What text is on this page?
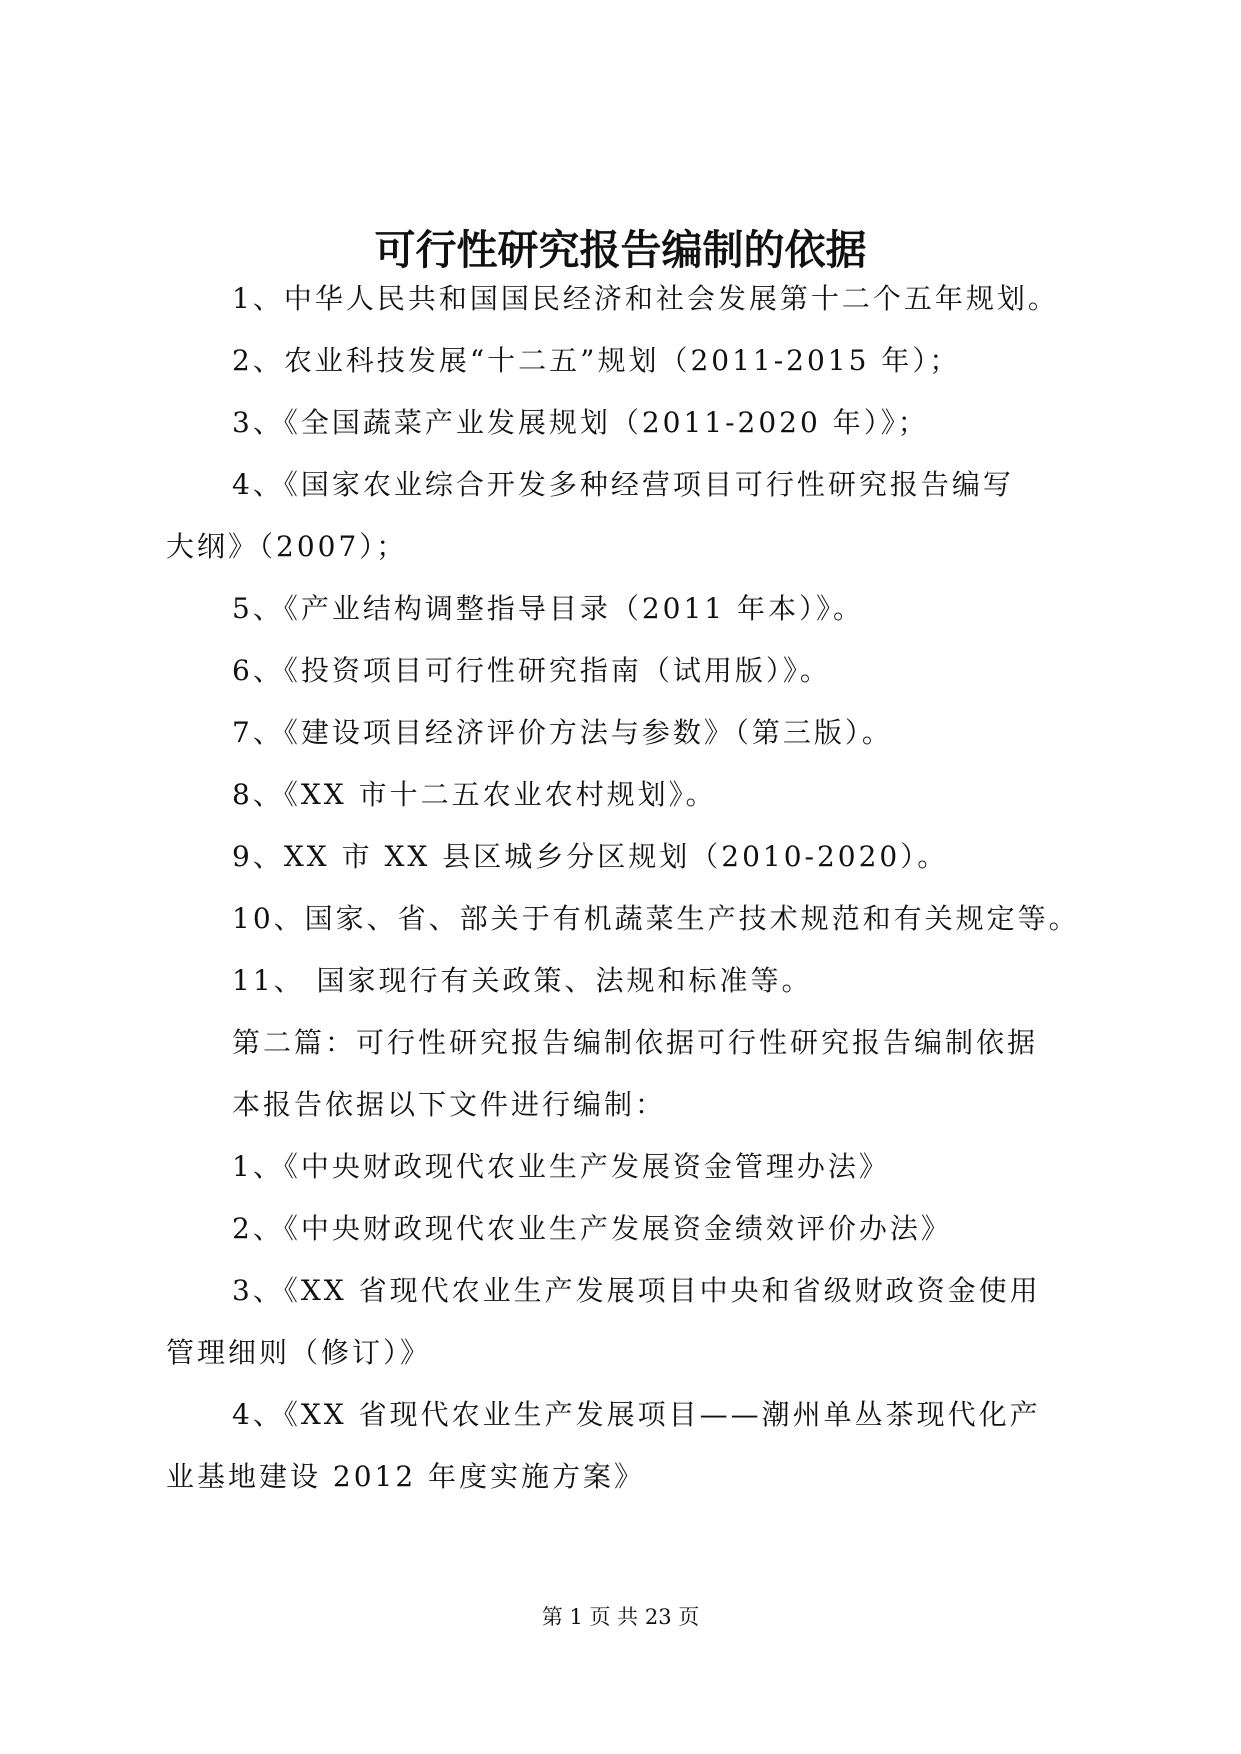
可行性研究报告编制的依据
1、中华人民共和国国民经济和社会发展第十二个五年规划。
2、农业科技发展“十二五”规划（2011-2015 年）；
3、《全国蔬菜产业发展规划（2011-2020 年）》；
4、《国家农业综合开发多种经营项目可行性研究报告编写
大纲》（2007）；
5、《产业结构调整指导目录（2011 年本）》。
6、《投资项目可行性研究指南（试用版）》。
7、《建设项目经济评价方法与参数》（第三版）。
8、《XX 市十二五农业农村规划》。
9、XX 市 XX 县区城乡分区规划（2010-2020）。
10、国家、省、部关于有机蔬菜生产技术规范和有关规定等。
11、 国家现行有关政策、法规和标准等。
第二篇：可行性研究报告编制依据可行性研究报告编制依据
本报告依据以下文件进行编制：
1、《中央财政现代农业生产发展资金管理办法》
2、《中央财政现代农业生产发展资金绩效评价办法》
3、《XX 省现代农业生产发展项目中央和省级财政资金使用
管理细则（修订）》
4、《XX 省现代农业生产发展项目——潮州单丛茶现代化产
业基地建设 2012 年度实施方案》
第 1 页 共 23 页
